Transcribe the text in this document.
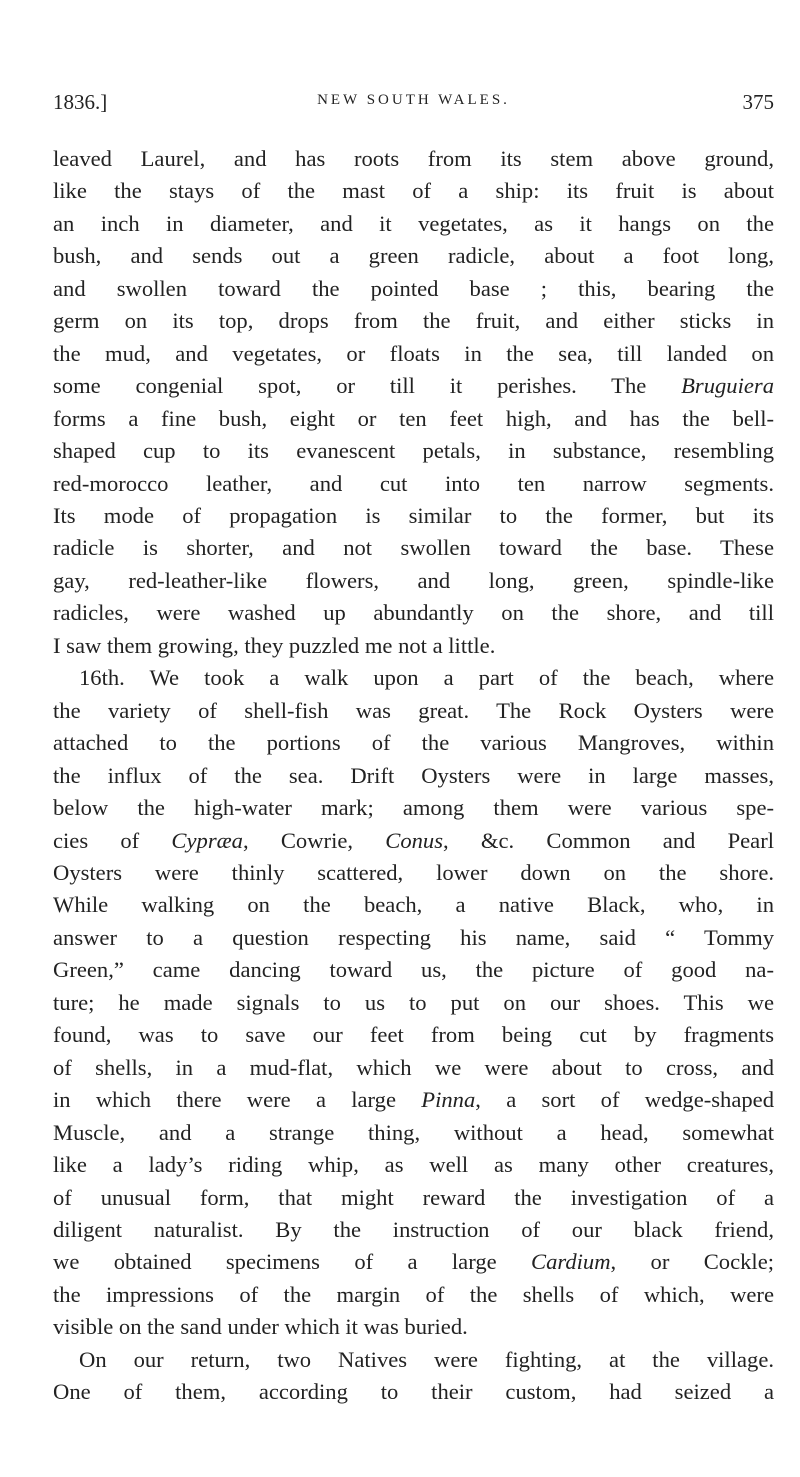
1836.]	NEW SOUTH WALES.	375

leaved Laurel, and has roots from its stem above ground,
like the stays of the mast of a ship: its fruit is about
an inch in diameter, and it vegetates, as it hangs on the
bush, and sends out a green radicle, about a foot long,
and swollen toward the pointed base ; this, bearing the
germ on its top, drops from the fruit, and either sticks in
the mud, and vegetates, or floats in the sea, till landed on
some congenial spot, or till it perishes. The Bruguiera
forms a fine bush, eight or ten feet high, and has the bell-
shaped cup to its evanescent petals, in substance, resembling
red-morocco leather, and cut into ten narrow segments.
Its mode of propagation is similar to the former, but its
radicle is shorter, and not swollen toward the base. These
gay, red-leather-like flowers, and long, green, spindle-like
radicles, were washed up abundantly on the shore, and till
I saw them growing, they puzzled me not a little.

16th. We took a walk upon a part of the beach, where
the variety of shell-fish was great. The Rock Oysters were
attached to the portions of the various Mangroves, within
the influx of the sea. Drift Oysters were in large masses,
below the high-water mark; among them were various spe-
cies of Cypræa, Cowrie, Conus, &c. Common and Pearl
Oysters were thinly scattered, lower down on the shore.
While walking on the beach, a native Black, who, in
answer to a question respecting his name, said “ Tommy
Green,” came dancing toward us, the picture of good na-
ture; he made signals to us to put on our shoes. This we
found, was to save our feet from being cut by fragments
of shells, in a mud-flat, which we were about to cross, and
in which there were a large Pinna, a sort of wedge-shaped
Muscle, and a strange thing, without a head, somewhat
like a lady’s riding whip, as well as many other creatures,
of unusual form, that might reward the investigation of a
diligent naturalist. By the instruction of our black friend,
we obtained specimens of a large Cardium, or Cockle;
the impressions of the margin of the shells of which, were
visible on the sand under which it was buried.

On our return, two Natives were fighting, at the village.
One of them, according to their custom, had seized a
